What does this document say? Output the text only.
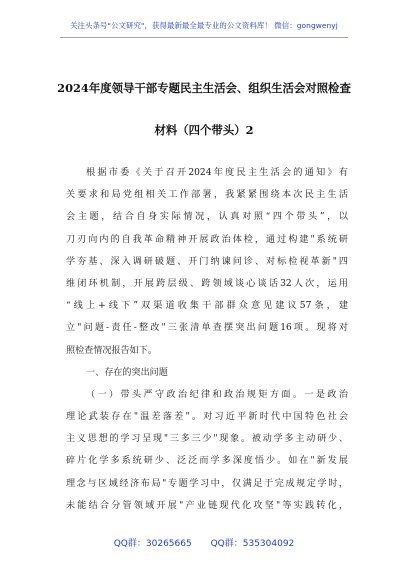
关注头条号"公文研究"，获得最新最全最专业的公文资料库！ 微信：gongwenyj
2024年度领导干部专题民主生活会、组织生活会对照检查
材料（四个带头）2
根据市委《关于召开2024年度民主生活会的通知》有
关要求和局党组相关工作部署，我紧紧围绕本次民主生活
会主题，结合自身实际情况，认真对照“四个带头”，以
刀刃向内的自我革命精神开展政治体检，通过构建"系统研
学夯基、深入调研破题、开门纳谏问诊、对标检视革新"四
维闭环机制，开展跨层级、跨领域谈心谈话32人次，运用
“线上+线下”双渠道收集干部群众意见建议57条，建
立"问题-责任-整改"三张清单查摆突出问题16项。现将对
照检查情况报告如下。
一、存在的突出问题
（一）带头严守政治纪律和政治规矩方面。一是政治
理论武装存在"温差落差"。对习近平新时代中国特色社会
主义思想的学习呈现"三多三少"现象。被动学多主动研少、
碎片化学多系统研少、泛泛而学多深度悟少。如在"新发展
理念与区域经济布局"专题学习中，仅满足于完成规定学时，
未能结合分管领域开展"产业链现代化攻坚"等实践转化，
QQ群：30265665 QQ群：535304092
